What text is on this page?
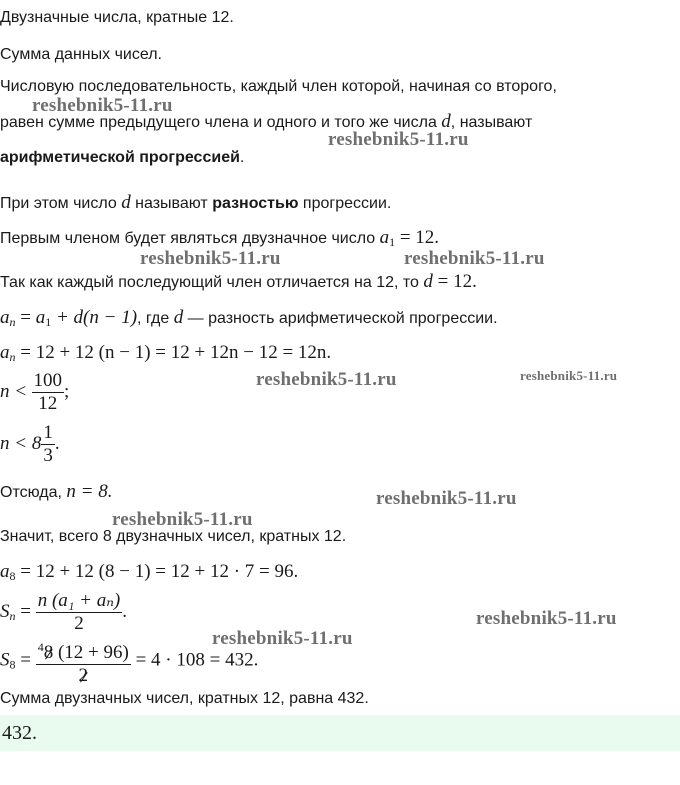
Двузначные числа, кратные 12.
Сумма данных чисел.
Числовую последовательность, каждый член которой, начиная со второго,
равен сумме предыдущего члена и одного и того же числа d, называют
арифметической прогрессией.
При этом число d называют разностью прогрессии.
Первым членом будет являться двузначное число $a_1 = 12$.
Так как каждый последующий член отличается на 12, то d = 12.
$a_n = a_1 + d(n - 1)$, где d — разность арифметической прогрессии.
$a_n = 12 + 12$ (n − 1) = 12 + 12n − 12 = 12n.
$n < \frac{100}{12}$ ;
$n < 8 \frac{1}{3}$ .
Отсюда, n = 8.
Значит, всего 8 двузначных чисел, кратных 12.
$a_8 = 12 + 12$ (8 − 1) = 12 + 12 · 7 = 96.
$S_n = \frac{\text{n (a₁ + aₙ)}}{2}$ .
$S_8 = \frac{^48 (12 + 96)}{2} = 4 \cdot 108 = 432$.
Сумма двузначных чисел, кратных 12, равна 432.
432.
reshebnik5-11.ru
reshebnik5-11.ru
reshebnik5-11.ru	reshebnik5-11.ru
reshebnik5-11.ru	reshebnik5-11.ru
reshebnik5-11.ru
reshebnik5-11.ru
reshebnik5-11.ru
reshebnik5-11.ru
